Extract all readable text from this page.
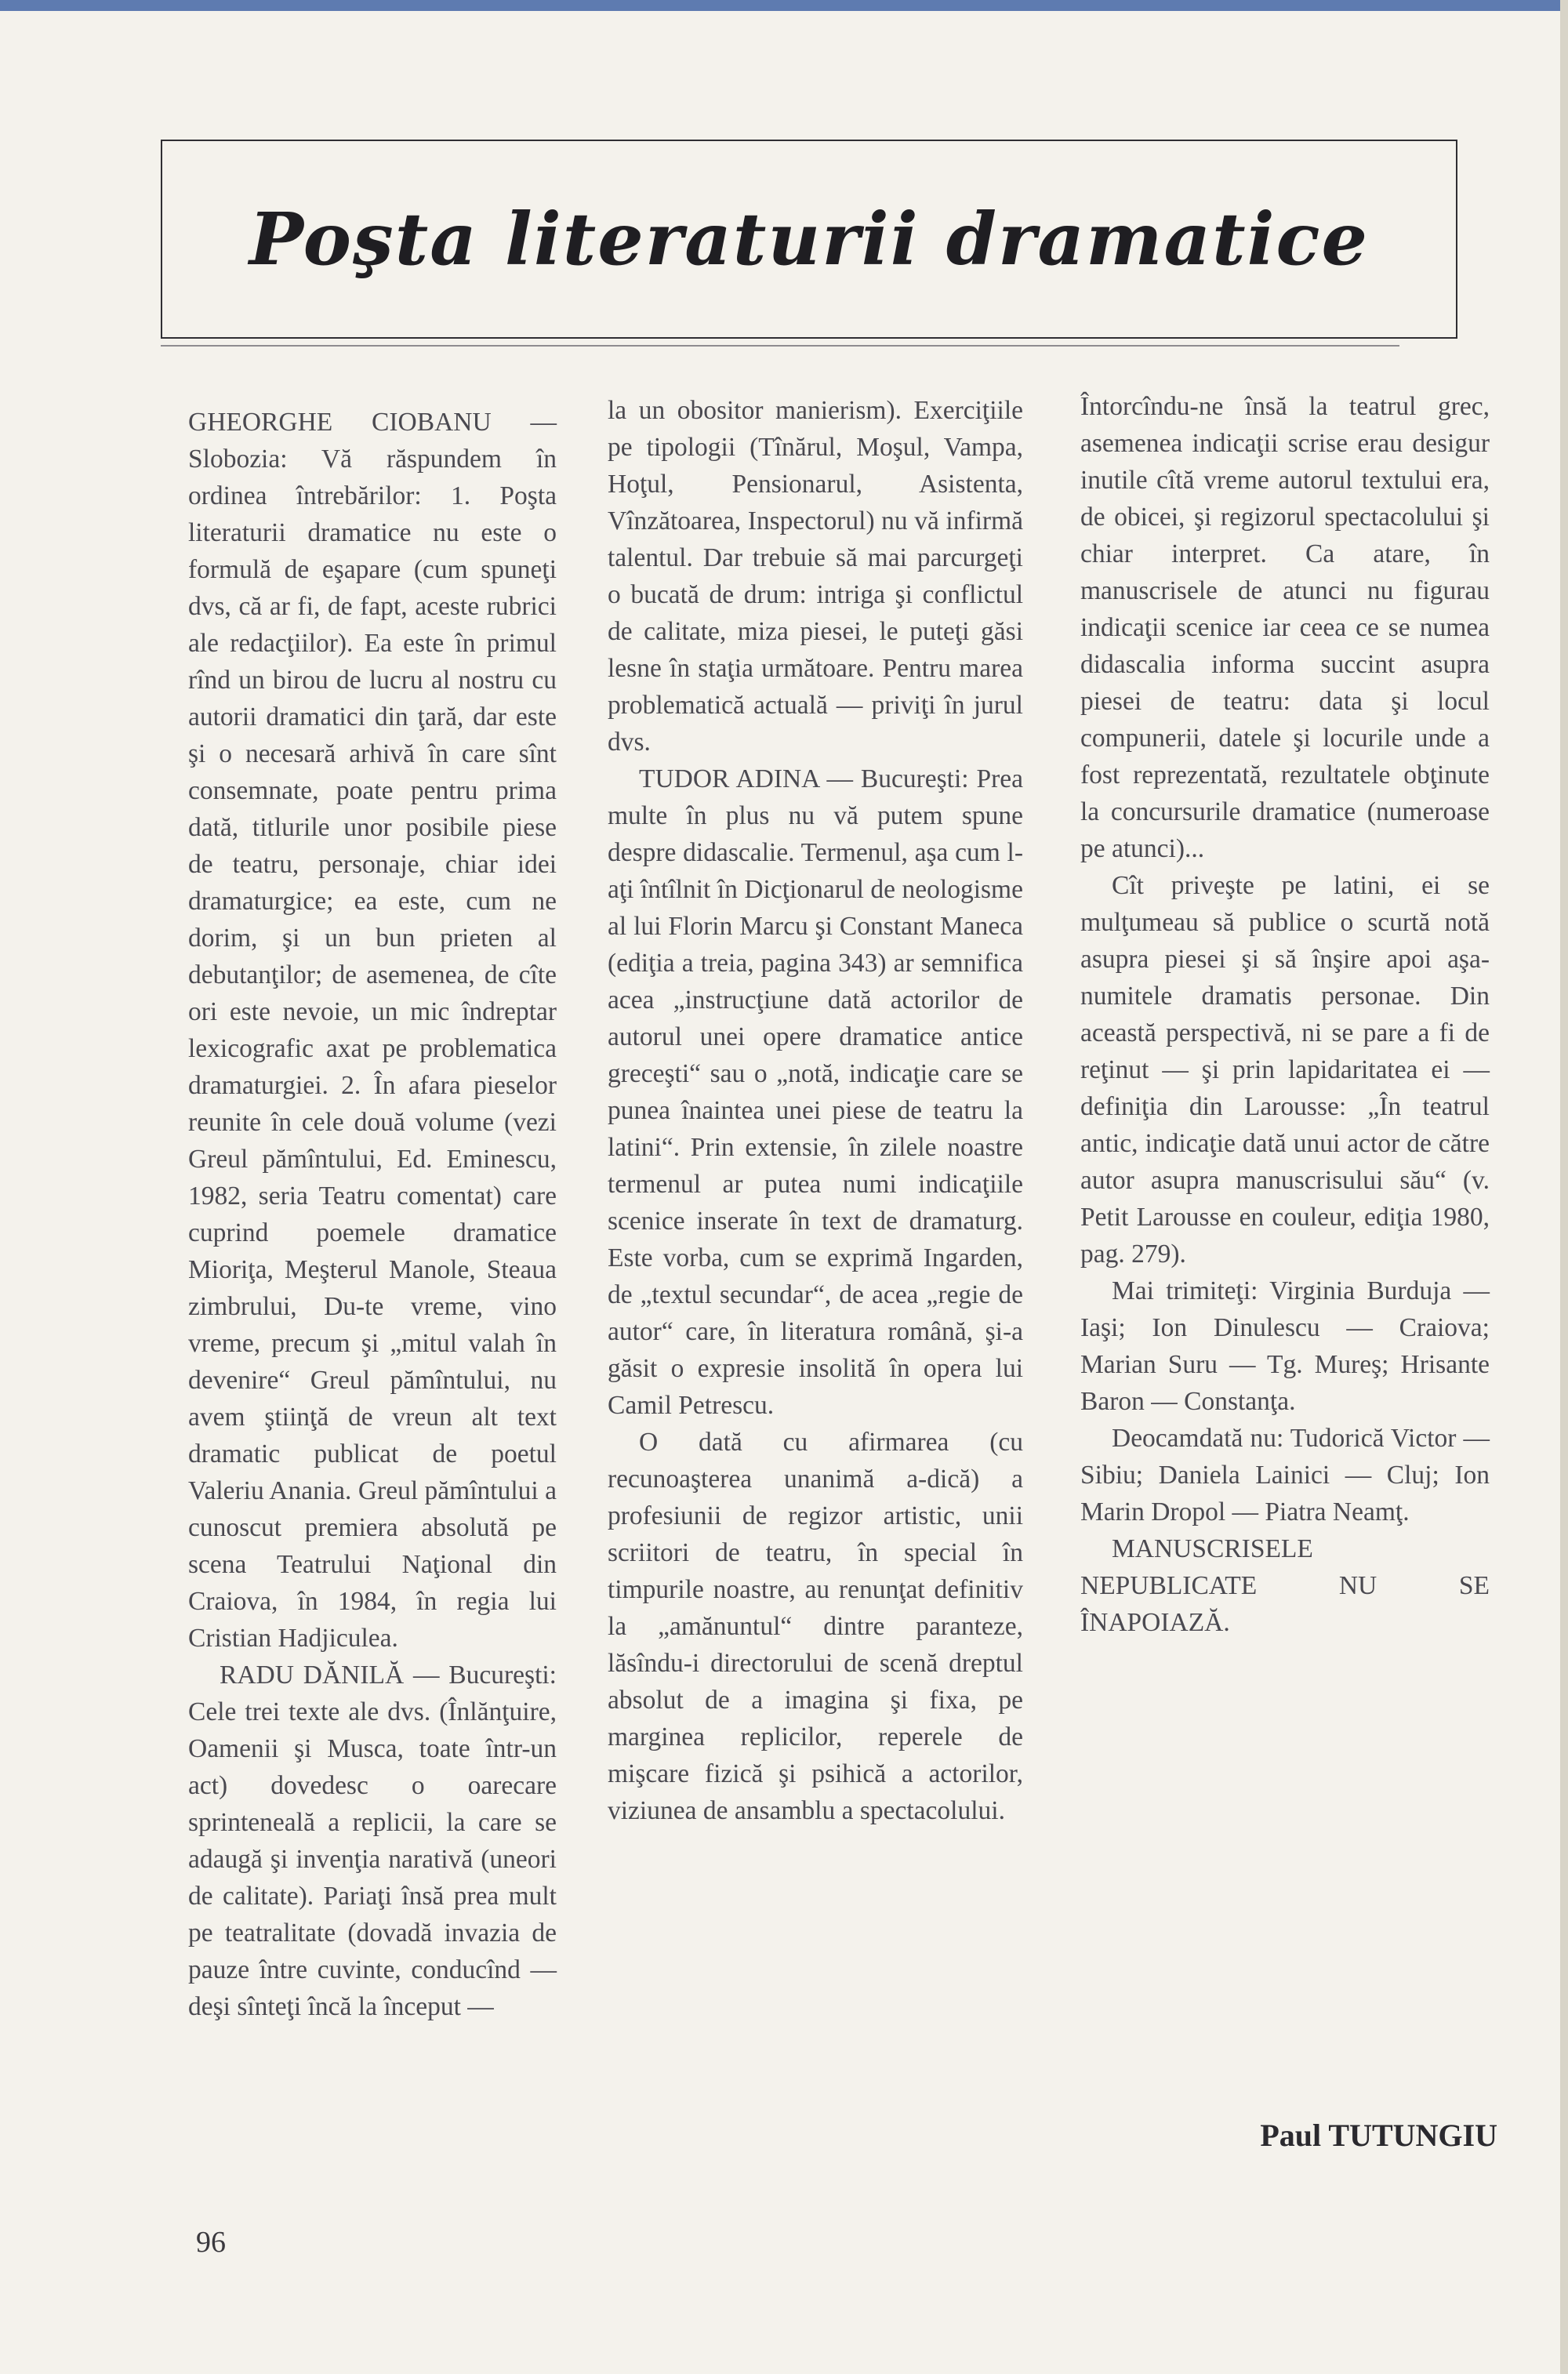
Poşta literaturii dramatice

GHEORGHE CIOBANU — Slobozia: Vă răspundem în ordinea întrebărilor: 1. Poşta literaturii dramatice nu este o formulă de eşapare (cum spuneţi dvs, că ar fi, de fapt, aceste rubrici ale redacţiilor). Ea este în primul rînd un birou de lucru al nostru cu autorii dramatici din ţară, dar este şi o necesară arhivă în care sînt consemnate, poate pentru prima dată, titlurile unor posibile piese de teatru, personaje, chiar idei dramaturgice; ea este, cum ne dorim, şi un bun prieten al debutanţilor; de asemenea, de cîte ori este nevoie, un mic îndreptar lexicografic axat pe problematica dramaturgiei. 2. În afara pieselor reunite în cele două volume (vezi Greul pămîntului, Ed. Eminescu, 1982, seria Teatru comentat) care cuprind poemele dramatice Mioriţa, Meşterul Manole, Steaua zimbrului, Du-te vreme, vino vreme, precum şi „mitul valah în devenire“ Greul pămîntului, nu avem ştiinţă de vreun alt text dramatic publicat de poetul Valeriu Anania. Greul pămîntului a cunoscut premiera absolută pe scena Teatrului Naţional din Craiova, în 1984, în regia lui Cristian Hadjiculea.

RADU DĂNILĂ — Bucureşti: Cele trei texte ale dvs. (Înlănţuire, Oamenii şi Musca, toate într-un act) dovedesc o oarecare sprinteneală a replicii, la care se adaugă şi invenţia narativă (uneori de calitate). Pariaţi însă prea mult pe teatralitate (dovadă invazia de pauze între cuvinte, conducînd — deşi sînteţi încă la început —

la un obositor manierism). Exerciţiile pe tipologii (Tînărul, Moşul, Vampa, Hoţul, Pensionarul, Asistenta, Vînzătoarea, Inspectorul) nu vă infirmă talentul. Dar trebuie să mai parcurgeţi o bucată de drum: intriga şi conflictul de calitate, miza piesei, le puteţi găsi lesne în staţia următoare. Pentru marea problematică actuală — priviţi în jurul dvs.

TUDOR ADINA — Bucureşti: Prea multe în plus nu vă putem spune despre didascalie. Termenul, aşa cum l-aţi întîlnit în Dicţionarul de neologisme al lui Florin Marcu şi Constant Maneca (ediţia a treia, pagina 343) ar semnifica acea „instrucţiune dată actorilor de autorul unei opere dramatice antice greceşti“ sau o „notă, indicaţie care se punea înaintea unei piese de teatru la latini“. Prin extensie, în zilele noastre termenul ar putea numi indicaţiile scenice inserate în text de dramaturg. Este vorba, cum se exprimă Ingarden, de „textul secundar“, de acea „regie de autor“ care, în literatura română, şi-a găsit o expresie insolită în opera lui Camil Petrescu.

O dată cu afirmarea (cu recunoaşterea unanimă a-dică) a profesiunii de regizor artistic, unii scriitori de teatru, în special în timpurile noastre, au renunţat definitiv la „amănuntul“ dintre paranteze, lăsîndu-i directorului de scenă dreptul absolut de a imagina şi fixa, pe marginea replicilor, reperele de mişcare fizică şi psihică a actorilor, viziunea de ansamblu a spectacolului.

Întorcîndu-ne însă la teatrul grec, asemenea indicaţii scrise erau desigur inutile cîtă vreme autorul textului era, de obicei, şi regizorul spectacolului şi chiar interpret. Ca atare, în manuscrisele de atunci nu figurau indicaţii scenice iar ceea ce se numea didascalia informa succint asupra piesei de teatru: data şi locul compunerii, datele şi locurile unde a fost reprezentată, rezultatele obţinute la concursurile dramatice (numeroase pe atunci)...

Cît priveşte pe latini, ei se mulţumeau să publice o scurtă notă asupra piesei şi să înşire apoi aşa-numitele dramatis personae. Din această perspectivă, ni se pare a fi de reţinut — şi prin lapidaritatea ei — definiţia din Larousse: „În teatrul antic, indicaţie dată unui actor de către autor asupra manuscrisului său“ (v. Petit Larousse en couleur, ediţia 1980, pag. 279).

Mai trimiteţi: Virginia Burduja — Iaşi; Ion Dinulescu — Craiova; Marian Suru — Tg. Mureş; Hrisante Baron — Constanţa.

Deocamdată nu: Tudorică Victor — Sibiu; Daniela Lainici — Cluj; Ion Marin Dropol — Piatra Neamţ.

MANUSCRISELE NEPUBLICATE NU SE ÎNAPOIAZĂ.

Paul TUTUNGIU
96
